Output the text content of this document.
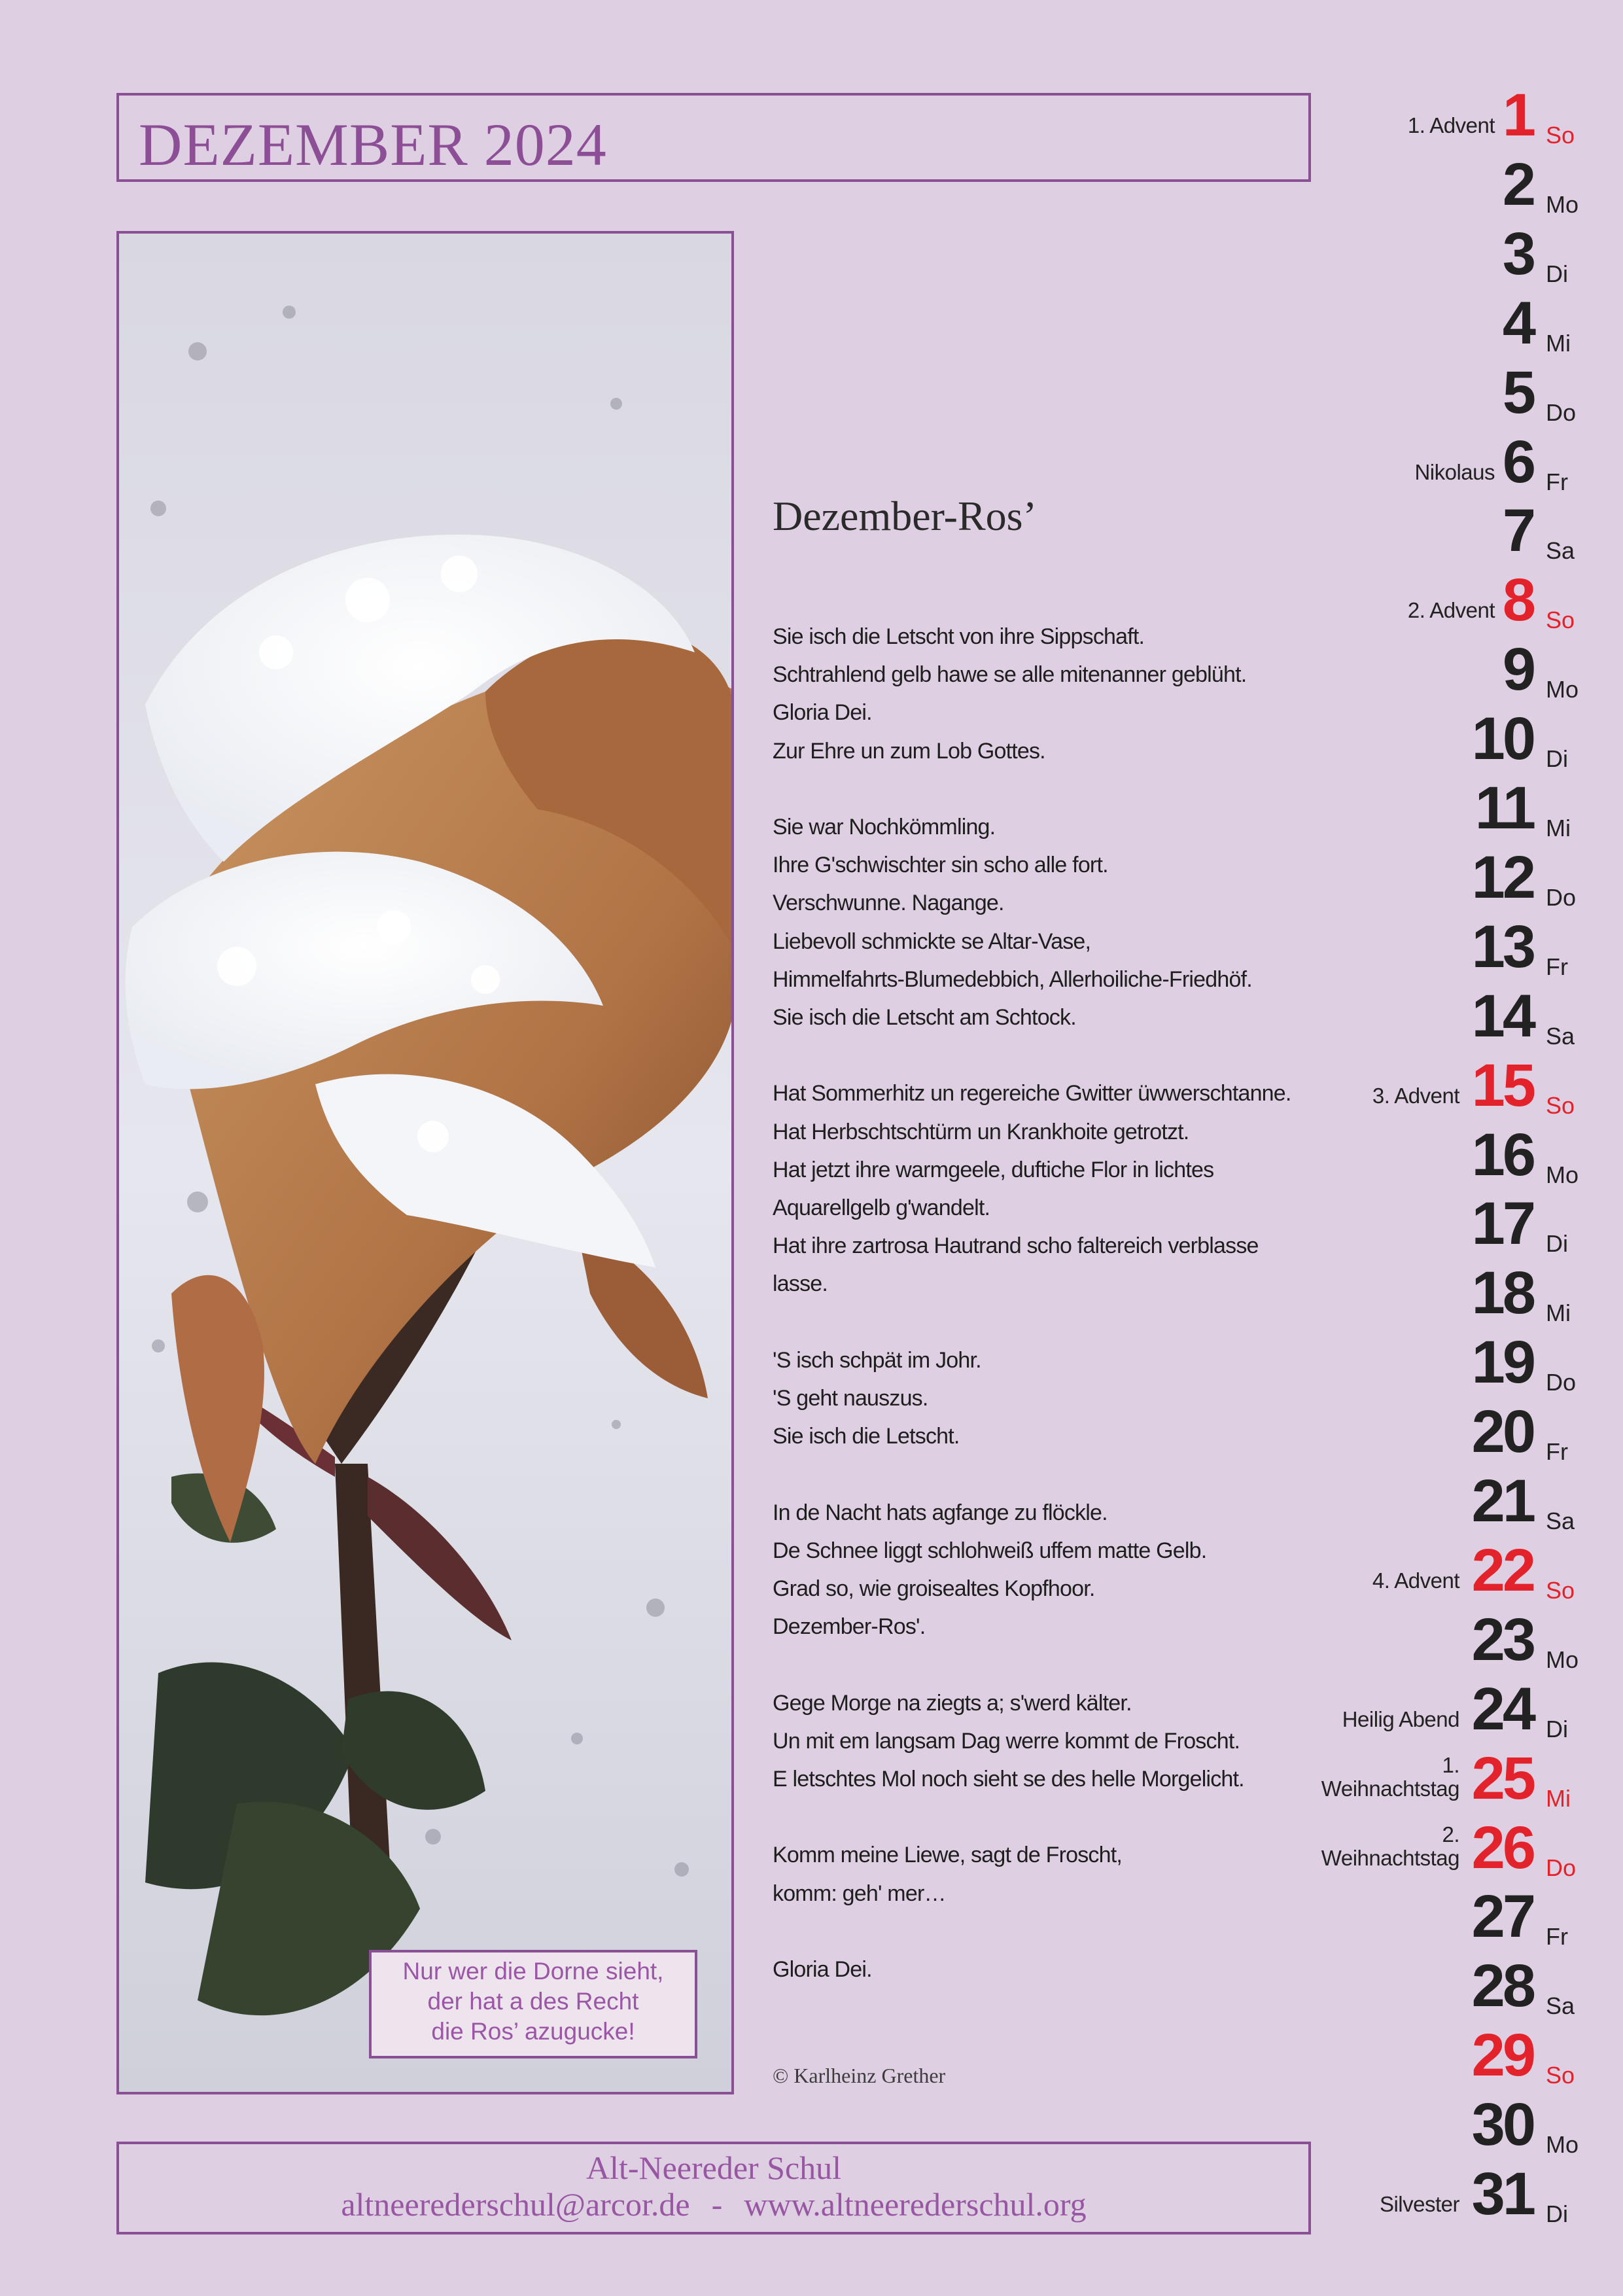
DEZEMBER 2024
Nur wer die Dorne sieht,
der hat a des Recht
die Ros’ azugucke!
Dezember-Ros’
Sie isch die Letscht von ihre Sippschaft.
Schtrahlend gelb hawe se alle mitenanner geblüht.
Gloria Dei.
Zur Ehre un zum Lob Gottes.
Sie war Nochkömmling.
Ihre G'schwischter sin scho alle fort.
Verschwunne. Nagange.
Liebevoll schmickte se Altar-Vase,
Himmelfahrts-Blumedebbich, Allerhoiliche-Friedhöf.
Sie isch die Letscht am Schtock.
Hat Sommerhitz un regereiche Gwitter üwwerschtanne.
Hat Herbschtschtürm un Krankhoite getrotzt.
Hat jetzt ihre warmgeele, duftiche Flor in lichtes
Aquarellgelb g'wandelt.
Hat ihre zartrosa Hautrand scho faltereich verblasse
lasse.
'S isch schpät im Johr.
'S geht nauszus.
Sie isch die Letscht.
In de Nacht hats agfange zu flöckle.
De Schnee liggt schlohweiß uffem matte Gelb.
Grad so, wie groisealtes Kopfhoor.
Dezember-Ros'.
Gege Morge na ziegts a; s'werd kälter.
Un mit em langsam Dag werre kommt de Froscht.
E letschtes Mol noch sieht se des helle Morgelicht.
Komm meine Liewe, sagt de Froscht,
komm: geh' mer…
Gloria Dei.
© Karlheinz Grether
Alt-Neereder Schul
altneerederschul@arcor.de  -  www.altneerederschul.org
1 So
1. Advent
2 Mo
3 Di
4 Mi
5 Do
6 Fr
Nikolaus
7 Sa
8 So
2. Advent
9 Mo
10 Di
11 Mi
12 Do
13 Fr
14 Sa
15 So
3. Advent
16 Mo
17 Di
18 Mi
19 Do
20 Fr
21 Sa
22 So
4. Advent
23 Mo
24 Di
Heilig Abend
25 Mi
1.
Weihnachtstag
26 Do
2.
Weihnachtstag
27 Fr
28 Sa
29 So
30 Mo
31 Di
Silvester
